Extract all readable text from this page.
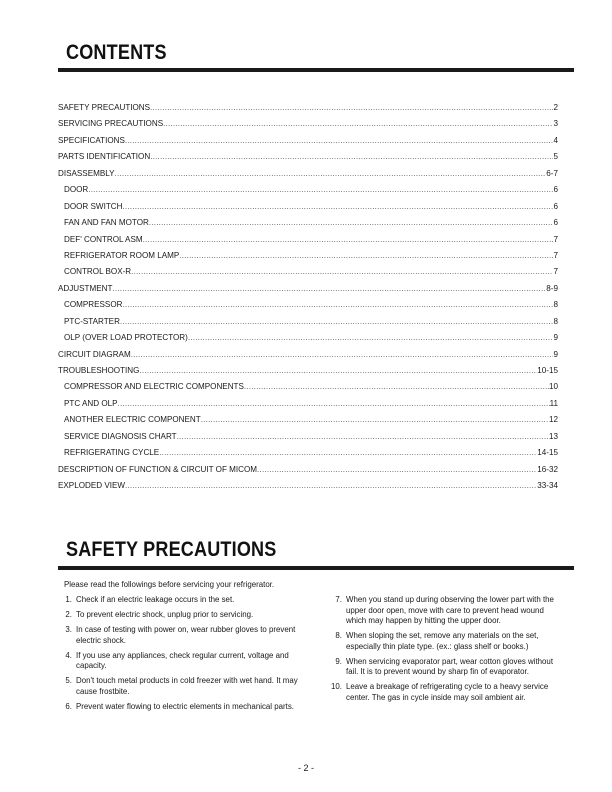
CONTENTS
SAFETY PRECAUTIONS .....	2
SERVICING PRECAUTIONS .....	3
SPECIFICATIONS .....	4
PARTS IDENTIFICATION .....	5
DISASSEMBLY .....	6-7
DOOR .....	6
DOOR SWITCH .....	6
FAN AND FAN MOTOR .....	6
DEF' CONTROL ASM .....	7
REFRIGERATOR ROOM LAMP .....	7
CONTROL BOX-R .....	7
ADJUSTMENT .....	8-9
COMPRESSOR .....	8
PTC-STARTER .....	8
OLP (OVER LOAD PROTECTOR) .....	9
CIRCUIT DIAGRAM .....	9
TROUBLESHOOTING .....	10-15
COMPRESSOR AND ELECTRIC COMPONENTS .....	10
PTC AND OLP .....	11
ANOTHER ELECTRIC COMPONENT .....	12
SERVICE DIAGNOSIS CHART .....	13
REFRIGERATING CYCLE .....	14-15
DESCRIPTION OF FUNCTION & CIRCUIT OF MICOM .....	16-32
EXPLODED VIEW .....	33-34
SAFETY PRECAUTIONS

Please read the followings before servicing your refrigerator.

1. Check if an electric leakage occurs in the set.
2. To prevent electric shock, unplug prior to servicing.
3. In case of testing with power on, wear rubber gloves to prevent electric shock.
4. If you use any appliances, check regular current, voltage and capacity.
5. Don't touch metal products in cold freezer with wet hand. It may cause frostbite.
6. Prevent water flowing to electric elements in mechanical parts.
7. When you stand up during observing the lower part with the upper door open, move with care to prevent head wound which may happen by hitting the upper door.
8. When sloping the set, remove any materials on the set, especially thin plate type. (ex.: glass shelf or books.)
9. When servicing evaporator part, wear cotton gloves without fail. It is to prevent wound by sharp fin of evaporator.
10. Leave a breakage of refrigerating cycle to a heavy service center. The gas in cycle inside may soil ambient air.
- 2 -
